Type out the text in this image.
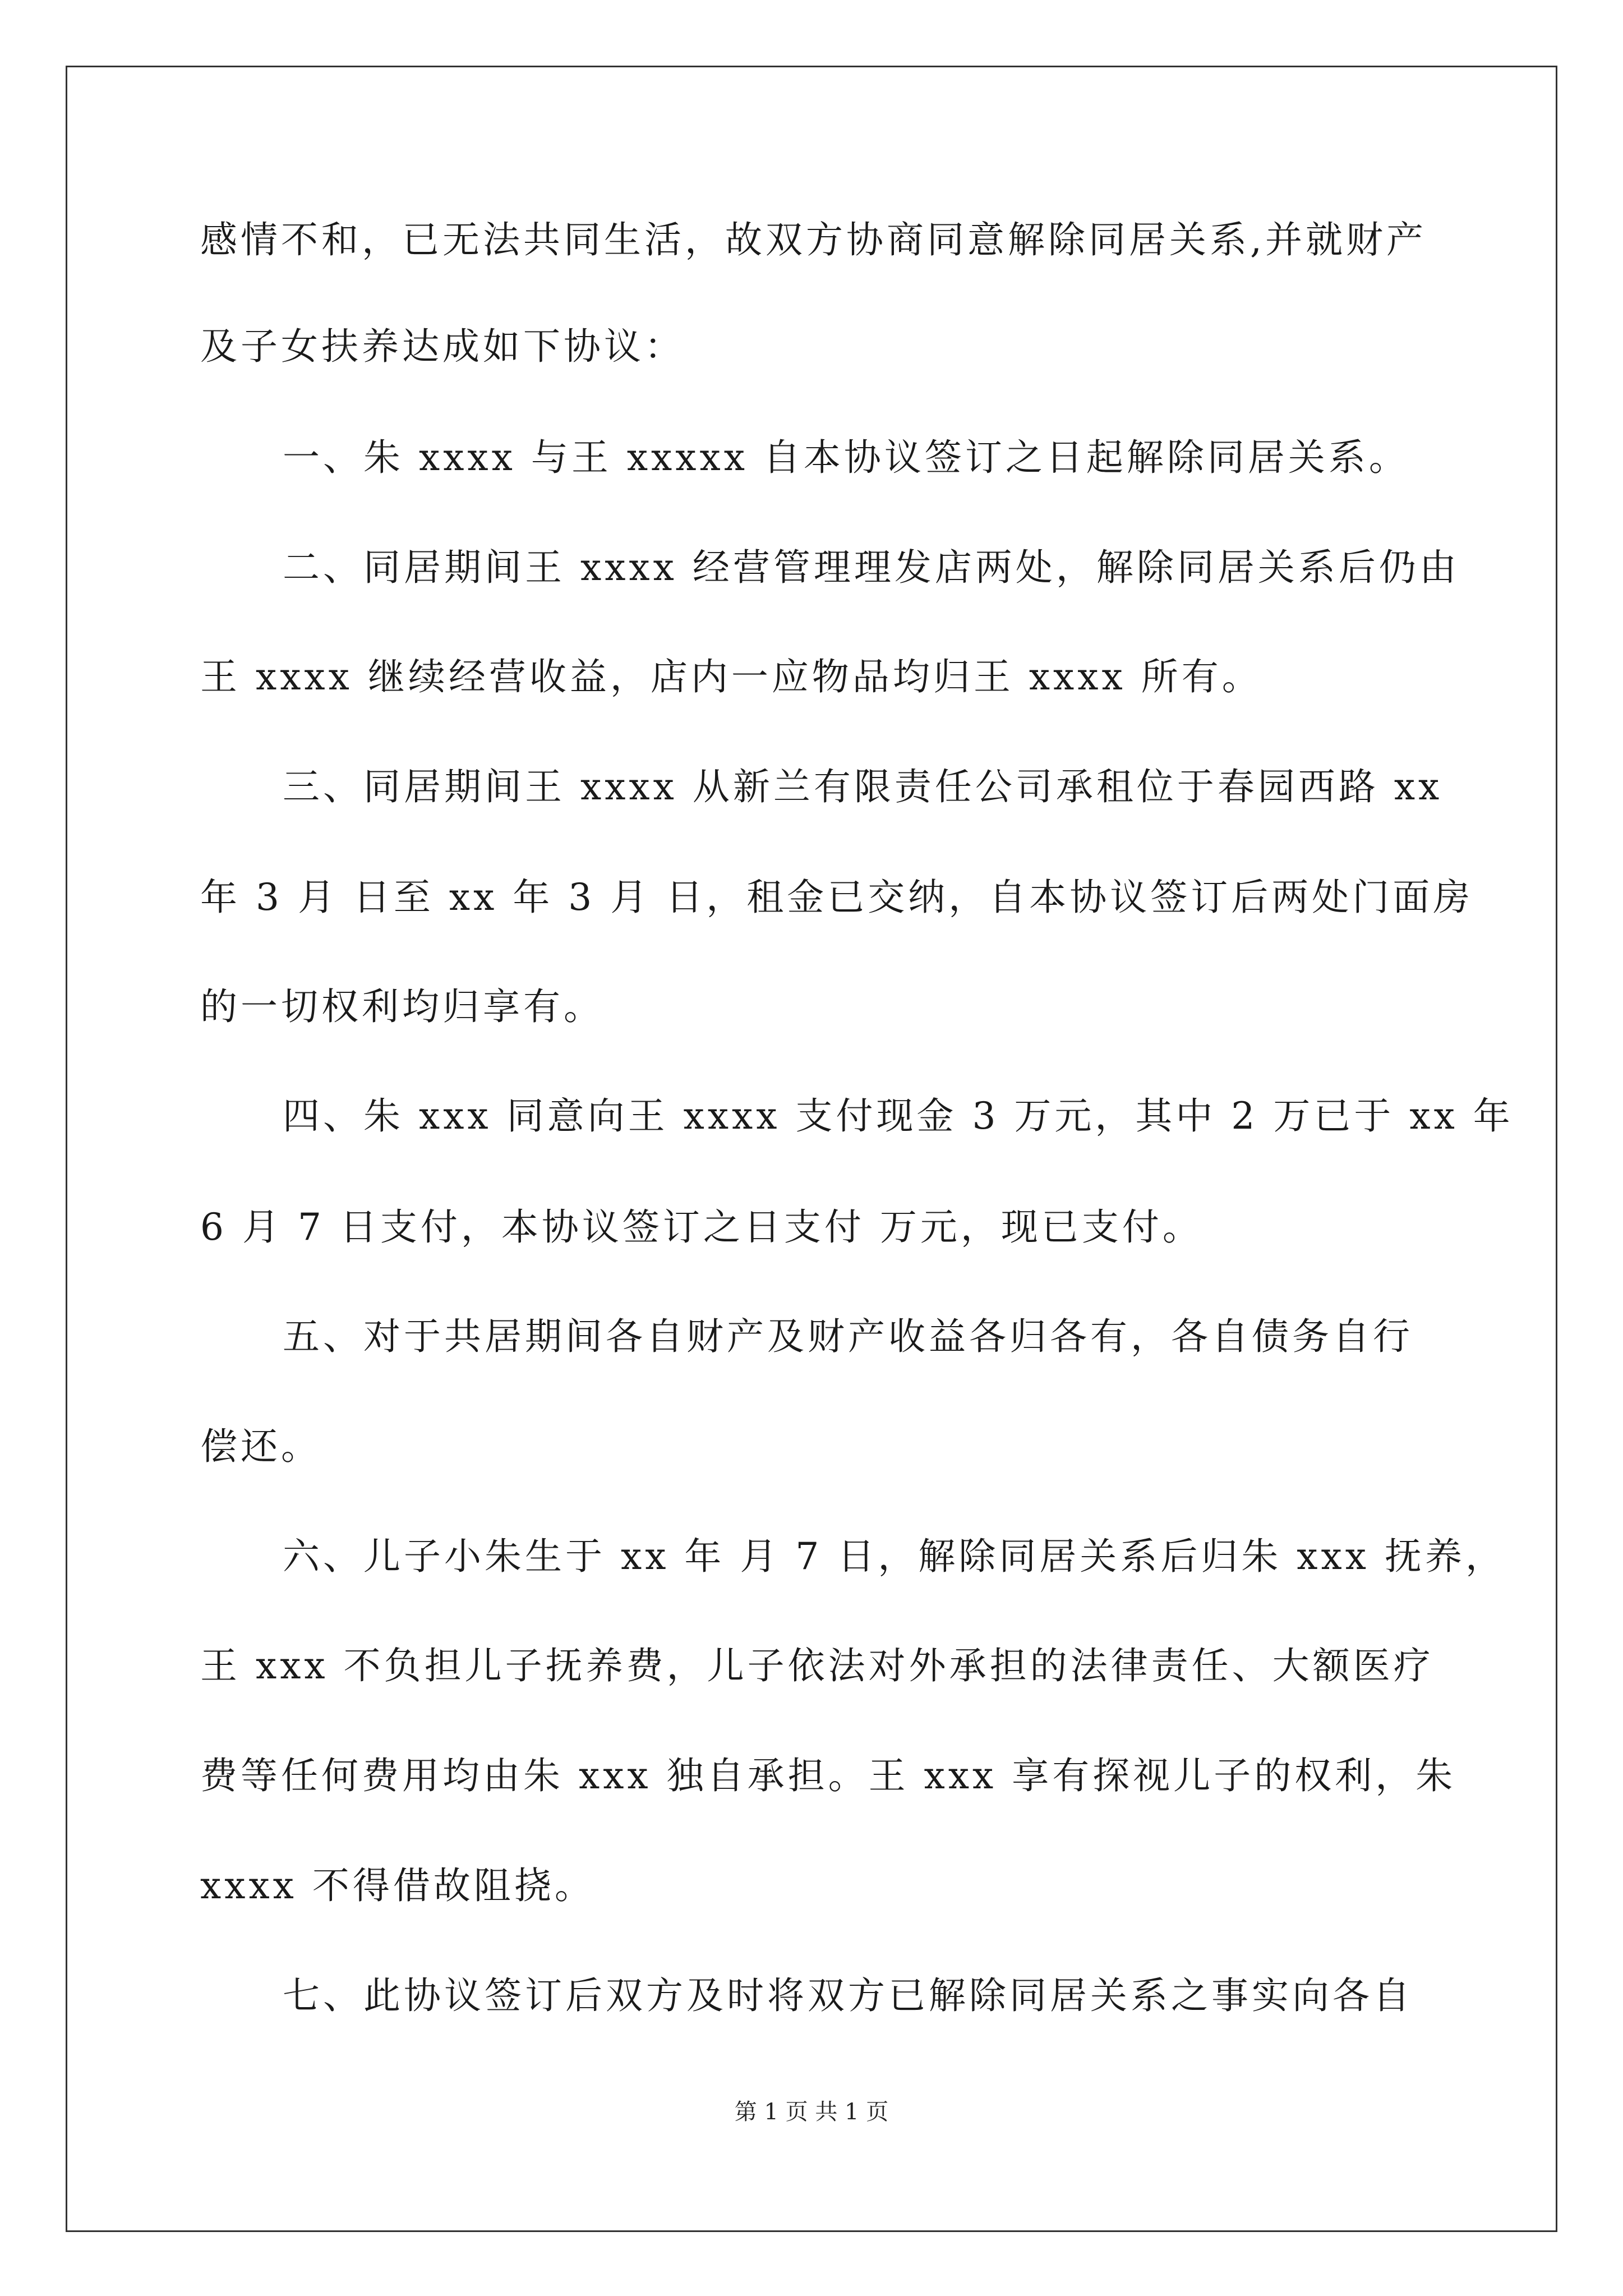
感情不和，已无法共同生活，故双方协商同意解除同居关系,并就财产
及子女扶养达成如下协议：
一、朱 xxxx 与王 xxxxx 自本协议签订之日起解除同居关系。
二、同居期间王 xxxx 经营管理理发店两处，解除同居关系后仍由
王 xxxx 继续经营收益，店内一应物品均归王 xxxx 所有。
三、同居期间王 xxxx 从新兰有限责任公司承租位于春园西路 xx
年 3 月 日至 xx 年 3 月 日，租金已交纳，自本协议签订后两处门面房
的一切权利均归享有。
四、朱 xxx 同意向王 xxxx 支付现金 3 万元，其中 2 万已于 xx 年
6 月 7 日支付，本协议签订之日支付 万元，现已支付。
五、对于共居期间各自财产及财产收益各归各有，各自债务自行
偿还。
六、儿子小朱生于 xx 年 月 7 日，解除同居关系后归朱 xxx 抚养，
王 xxx 不负担儿子抚养费，儿子依法对外承担的法律责任、大额医疗
费等任何费用均由朱 xxx 独自承担。王 xxx 享有探视儿子的权利，朱
xxxx 不得借故阻挠。
七、此协议签订后双方及时将双方已解除同居关系之事实向各自
第 1 页 共 1 页
